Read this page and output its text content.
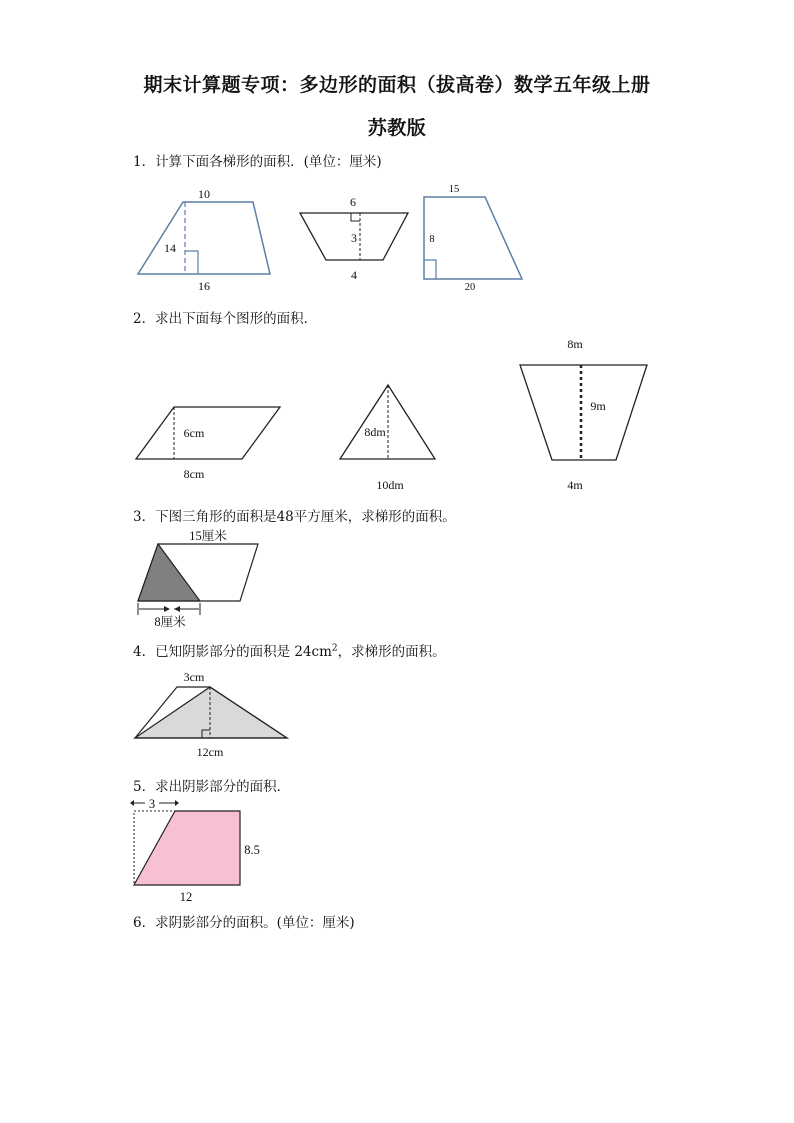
期末计算题专项：多边形的面积（拔高卷）数学五年级上册
苏教版
1．计算下面各梯形的面积．(单位：厘米)
10
14
16
6
3
4
15
8
20
2．求出下面每个图形的面积．
6cm
8cm
8dm
10dm
8m
9m
4m
3．下图三角形的面积是48平方厘米，求梯形的面积。
15厘米
8厘米
4．已知阴影部分的面积是 $24cm^2$，求梯形的面积。
3cm
12cm
5．求出阴影部分的面积．
3
8.5
12
6．求阴影部分的面积。(单位：厘米)
